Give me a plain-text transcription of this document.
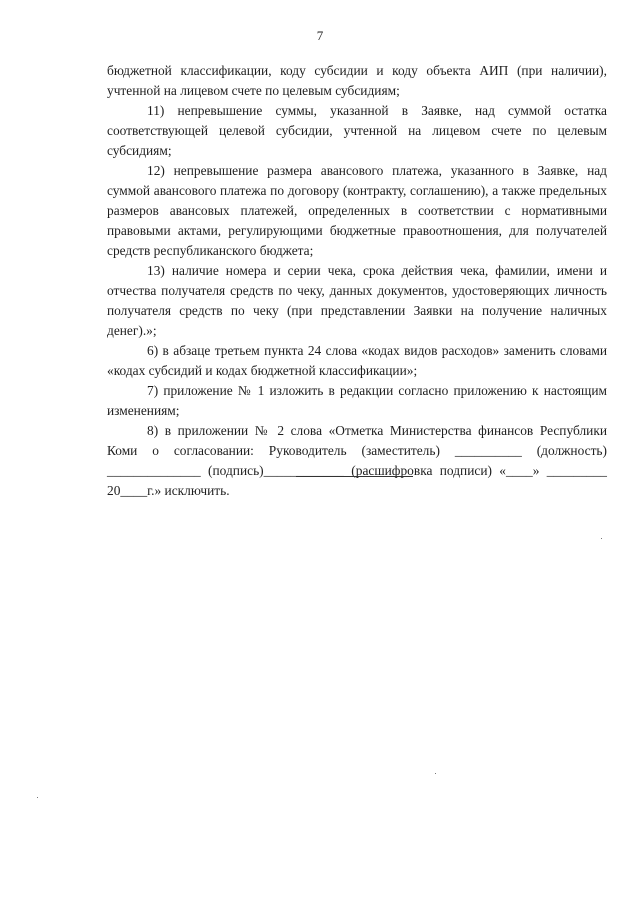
7

бюджетной классификации, коду субсидии и коду объекта АИП (при наличии), учтенной на лицевом счете по целевым субсидиям;

11) непревышение суммы, указанной в Заявке, над суммой остатка соответствующей целевой субсидии, учтенной на лицевом счете по целевым субсидиям;

12) непревышение размера авансового платежа, указанного в Заявке, над суммой авансового платежа по договору (контракту, соглашению), а также предельных размеров авансовых платежей, определенных в соответствии с нормативными правовыми актами, регулирующими бюджетные правоотношения, для получателей средств республиканского бюджета;

13) наличие номера и серии чека, срока действия чека, фамилии, имени и отчества получателя средств по чеку, данных документов, удостоверяющих личность получателя средств по чеку (при представлении Заявки на получение наличных денег).»;

6) в абзаце третьем пункта 24 слова «кодах видов расходов» заменить словами «кодах субсидий и кодах бюджетной классификации»;

7) приложение № 1 изложить в редакции согласно приложению к настоящим изменениям;

8) в приложении № 2 слова «Отметка Министерства финансов Республики Коми о согласовании: Руководитель (заместитель) __________ (должность) ______________ (подпись)____________ (расшифровка подписи) «____» _________ 20____г.» исключить.
